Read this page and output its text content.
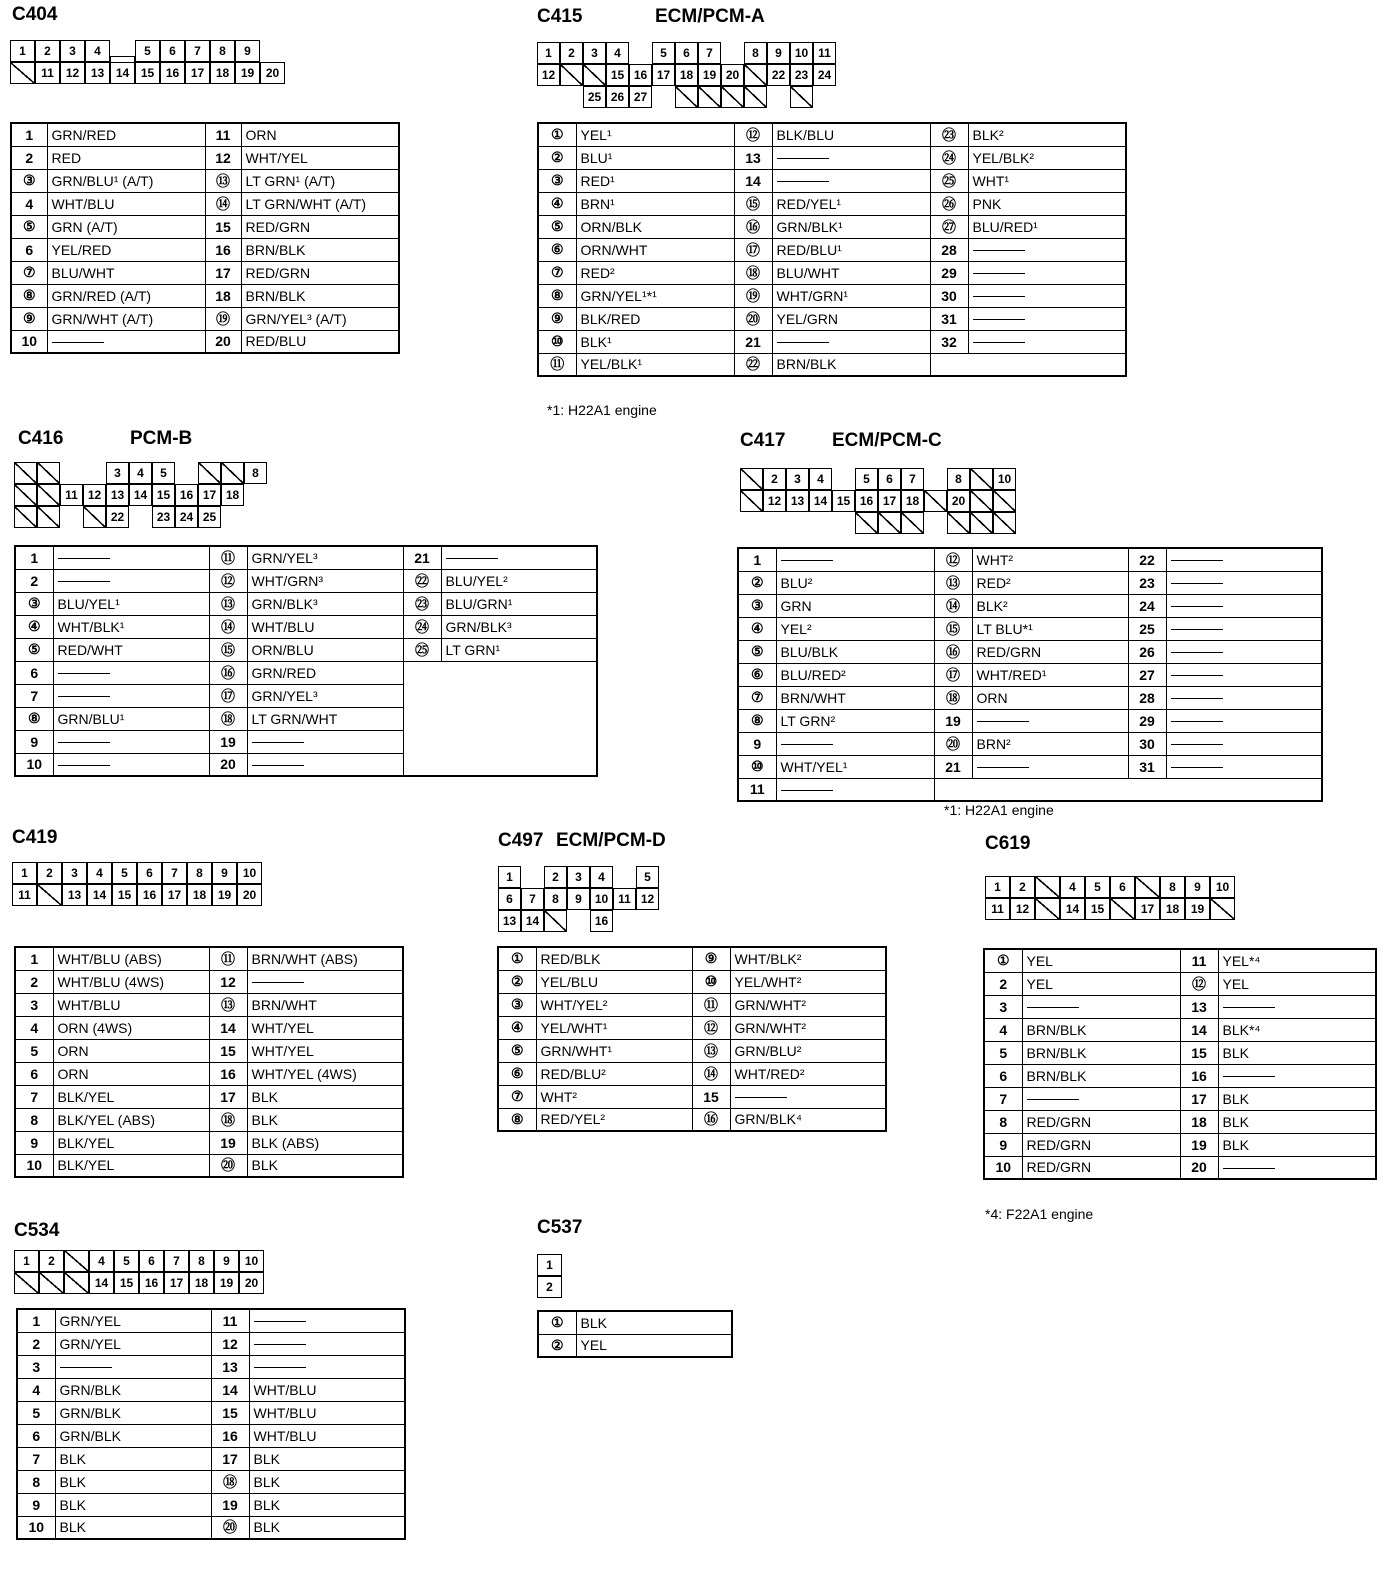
C404
1	2	3	4	5	6	7	8	9
11 12 13 14 15 16 17 18 19 20
1	GRN/RED	11	ORN
2	RED	12	WHT/YEL
③	GRN/BLU¹ (A/T)	⑬	LT GRN¹ (A/T)
4	WHT/BLU	⑭	LT GRN/WHT (A/T)
⑤	GRN (A/T)	15	RED/GRN
6	YEL/RED	16	BRN/BLK
⑦	BLU/WHT	17	RED/GRN
⑧	GRN/RED (A/T)	18	BRN/BLK
⑨	GRN/WHT (A/T)	⑲	GRN/YEL³ (A/T)
10		20	RED/BLU
C415	ECM/PCM-A
1	2	3	4	5	6	7	8	9	10 11
12	15 16 17 18 19 20	22 23 24
25 26 27
①	YEL¹	⑫	BLK/BLU	㉓	BLK²
②	BLU¹	13		㉔	YEL/BLK²
③	RED¹	14		㉕	WHT¹
④	BRN¹	⑮	RED/YEL¹	㉖	PNK
⑤	ORN/BLK	⑯	GRN/BLK¹	㉗	BLU/RED¹
⑥	ORN/WHT	⑰	RED/BLU¹	28	
⑦	RED²	⑱	BLU/WHT	29	
⑧	GRN/YEL¹*¹	⑲	WHT/GRN¹	30	
⑨	BLK/RED	⑳	YEL/GRN	31	
⑩	BLK¹	21		32	
⑪	YEL/BLK¹	㉒	BRN/BLK		
*1: H22A1 engine
C416	PCM-B
3	4	5	8
11 12 13 14 15 16 17 18
22	23 24 25
1		⑪	GRN/YEL³	21	
2		⑫	WHT/GRN³	㉒	BLU/YEL²
③	BLU/YEL¹	⑬	GRN/BLK³	㉓	BLU/GRN¹
④	WHT/BLK¹	⑭	WHT/BLU	㉔	GRN/BLK³
⑤	RED/WHT	⑮	ORN/BLU	㉕	LT GRN¹
6		⑯	GRN/RED		
7		⑰	GRN/YEL³		
⑧	GRN/BLU¹	⑱	LT GRN/WHT		
9		19			
10		20			
C417 ECM/PCM-C
2	3	4	5	6	7	8	10
12 13 14 15 16 17 18	20
1		⑫	WHT²	22	
②	BLU²	⑬	RED²	23	
③	GRN	⑭	BLK²	24	
④	YEL²	⑮	LT BLU*¹	25	
⑤	BLU/BLK	⑯	RED/GRN	26	
⑥	BLU/RED²	⑰	WHT/RED¹	27	
⑦	BRN/WHT	⑱	ORN	28	
⑧	LT GRN²	19		29	
9		⑳	BRN²	30	
⑩	WHT/YEL¹	21		31	
11					
*1: H22A1 engine
C419
1	2	3	4	5	6	7	8	9	10
11	13 14 15 16 17 18 19 20
1	WHT/BLU (ABS)	⑪	BRN/WHT (ABS)
2	WHT/BLU (4WS)	12	
3	WHT/BLU	⑬	BRN/WHT
4	ORN (4WS)	14	WHT/YEL
5	ORN	15	WHT/YEL
6	ORN	16	WHT/YEL (4WS)
7	BLK/YEL	17	BLK
8	BLK/YEL (ABS)	⑱	BLK
9	BLK/YEL	19	BLK (ABS)
10	BLK/YEL	⑳	BLK
C497 ECM/PCM-D
1	2	3	4	5
6	7	8	9	10 11 12
13 14	16
①	RED/BLK	⑨	WHT/BLK²
②	YEL/BLU	⑩	YEL/WHT²
③	WHT/YEL²	⑪	GRN/WHT²
④	YEL/WHT¹	⑫	GRN/WHT²
⑤	GRN/WHT¹	⑬	GRN/BLU²
⑥	RED/BLU²	⑭	WHT/RED²
⑦	WHT²	15	
⑧	RED/YEL²	⑯	GRN/BLK⁴
C619
1	2	4	5	6	8	9	10
11 12	14 15	17 18 19
①	YEL	11	YEL*⁴
2	YEL	⑫	YEL
3		13	
4	BRN/BLK	14	BLK*⁴
5	BRN/BLK	15	BLK
6	BRN/BLK	16	
7		17	BLK
8	RED/GRN	18	BLK
9	RED/GRN	19	BLK
10	RED/GRN	20	
*4: F22A1 engine
C534
1	2	4	5	6	7	8	9	10
14 15 16 17 18 19 20
1	GRN/YEL	11	
2	GRN/YEL	12	
3		13	
4	GRN/BLK	14	WHT/BLU
5	GRN/BLK	15	WHT/BLU
6	GRN/BLK	16	WHT/BLU
7	BLK	17	BLK
8	BLK	⑱	BLK
9	BLK	19	BLK
10	BLK	⑳	BLK
C537
1
2
①	BLK
②	YEL
